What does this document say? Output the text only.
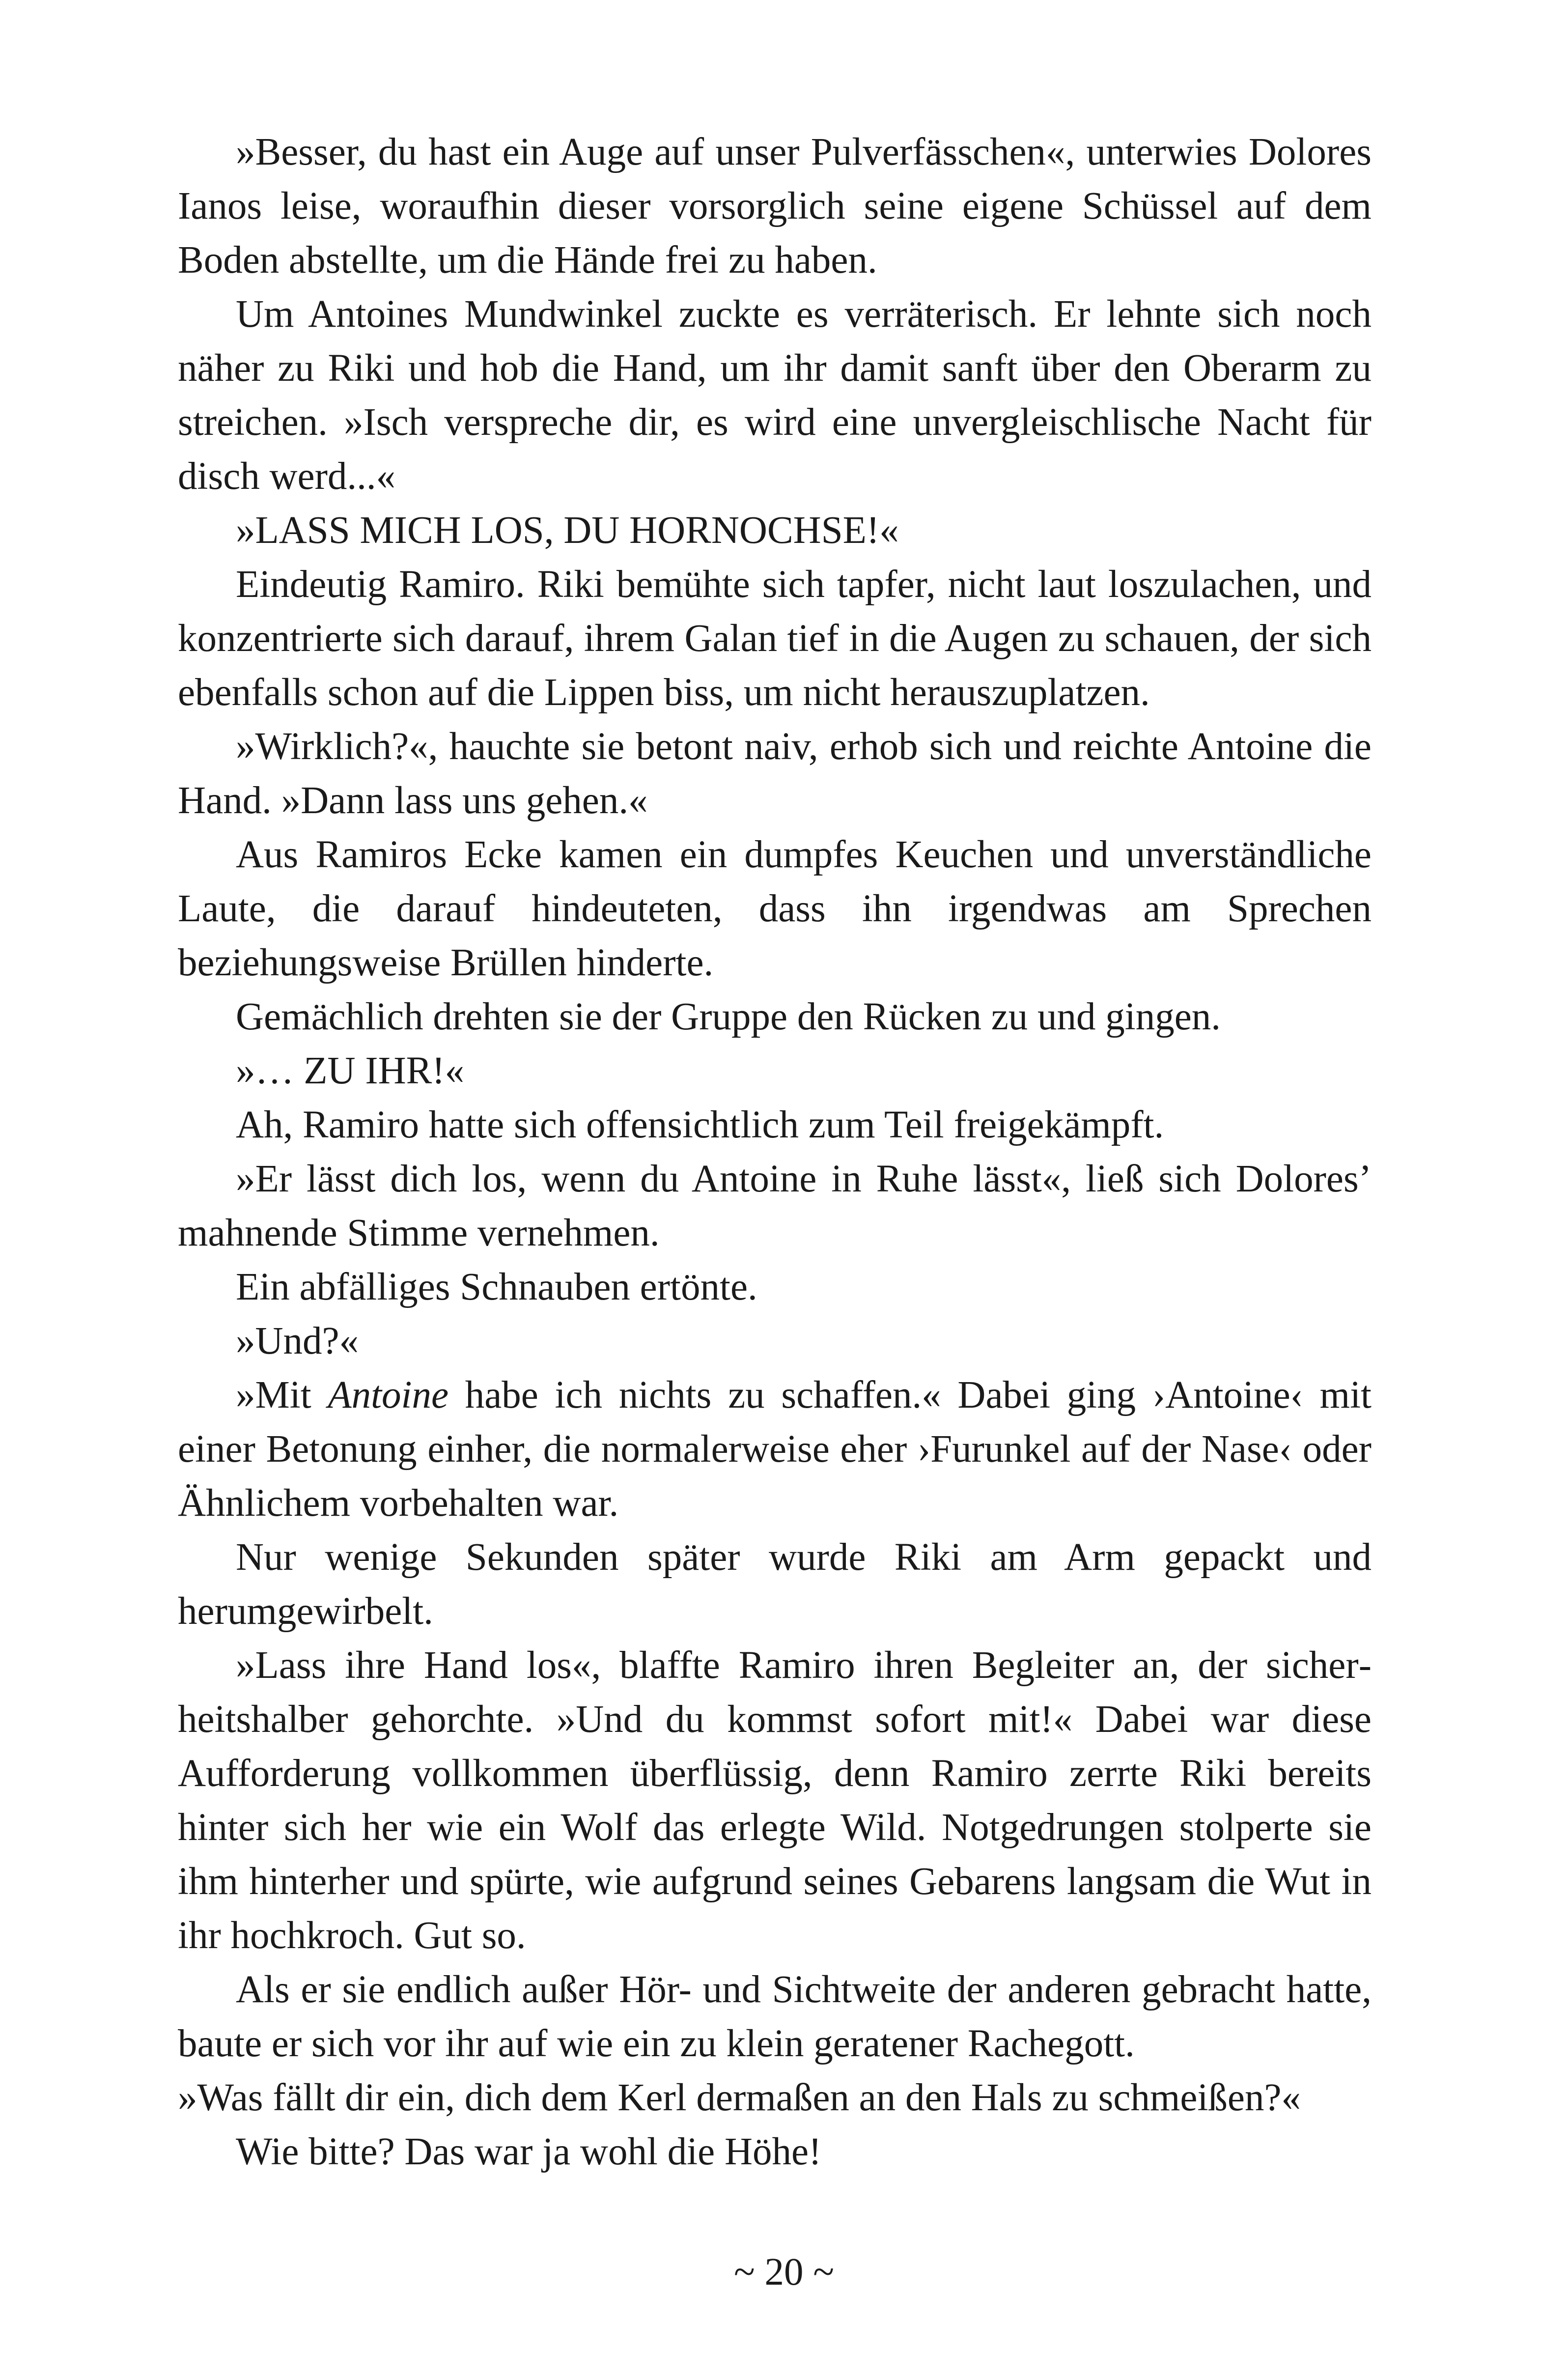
»Besser, du hast ein Auge auf unser Pulverfässchen«, unterwies Dolores Ianos leise, woraufhin dieser vorsorglich seine eigene Schüssel auf dem Boden abstellte, um die Hände frei zu haben.

Um Antoines Mundwinkel zuckte es verräterisch. Er lehnte sich noch näher zu Riki und hob die Hand, um ihr damit sanft über den Oberarm zu streichen. »Isch verspreche dir, es wird eine unvergleischlische Nacht für disch werd...«

»LASS MICH LOS, DU HORNOCHSE!«

Eindeutig Ramiro. Riki bemühte sich tapfer, nicht laut loszulachen, und konzentrierte sich darauf, ihrem Galan tief in die Augen zu schauen, der sich ebenfalls schon auf die Lippen biss, um nicht herauszuplatzen.

»Wirklich?«, hauchte sie betont naiv, erhob sich und reichte Antoine die Hand. »Dann lass uns gehen.«

Aus Ramiros Ecke kamen ein dumpfes Keuchen und unverständliche Laute, die darauf hindeuteten, dass ihn irgendwas am Sprechen beziehungsweise Brüllen hinderte.

Gemächlich drehten sie der Gruppe den Rücken zu und gingen.

»… ZU IHR!«

Ah, Ramiro hatte sich offensichtlich zum Teil freigekämpft.

»Er lässt dich los, wenn du Antoine in Ruhe lässt«, ließ sich Dolores’ mahnende Stimme vernehmen.

Ein abfälliges Schnauben ertönte.

»Und?«

»Mit Antoine habe ich nichts zu schaffen.« Dabei ging ›Antoine‹ mit einer Betonung einher, die normalerweise eher ›Furunkel auf der Nase‹ oder Ähnlichem vorbehalten war.

Nur wenige Sekunden später wurde Riki am Arm gepackt und herumgewirbelt.

»Lass ihre Hand los«, blaffte Ramiro ihren Begleiter an, der sicherheitshalber gehorchte. »Und du kommst sofort mit!« Dabei war diese Aufforderung vollkommen überflüssig, denn Ramiro zerrte Riki bereits hinter sich her wie ein Wolf das erlegte Wild. Notgedrungen stolperte sie ihm hinterher und spürte, wie aufgrund seines Gebarens langsam die Wut in ihr hochkroch. Gut so.

Als er sie endlich außer Hör- und Sichtweite der anderen gebracht hatte, baute er sich vor ihr auf wie ein zu klein geratener Rachegott.

»Was fällt dir ein, dich dem Kerl dermaßen an den Hals zu schmeißen?«

Wie bitte? Das war ja wohl die Höhe!

~ 20 ~
